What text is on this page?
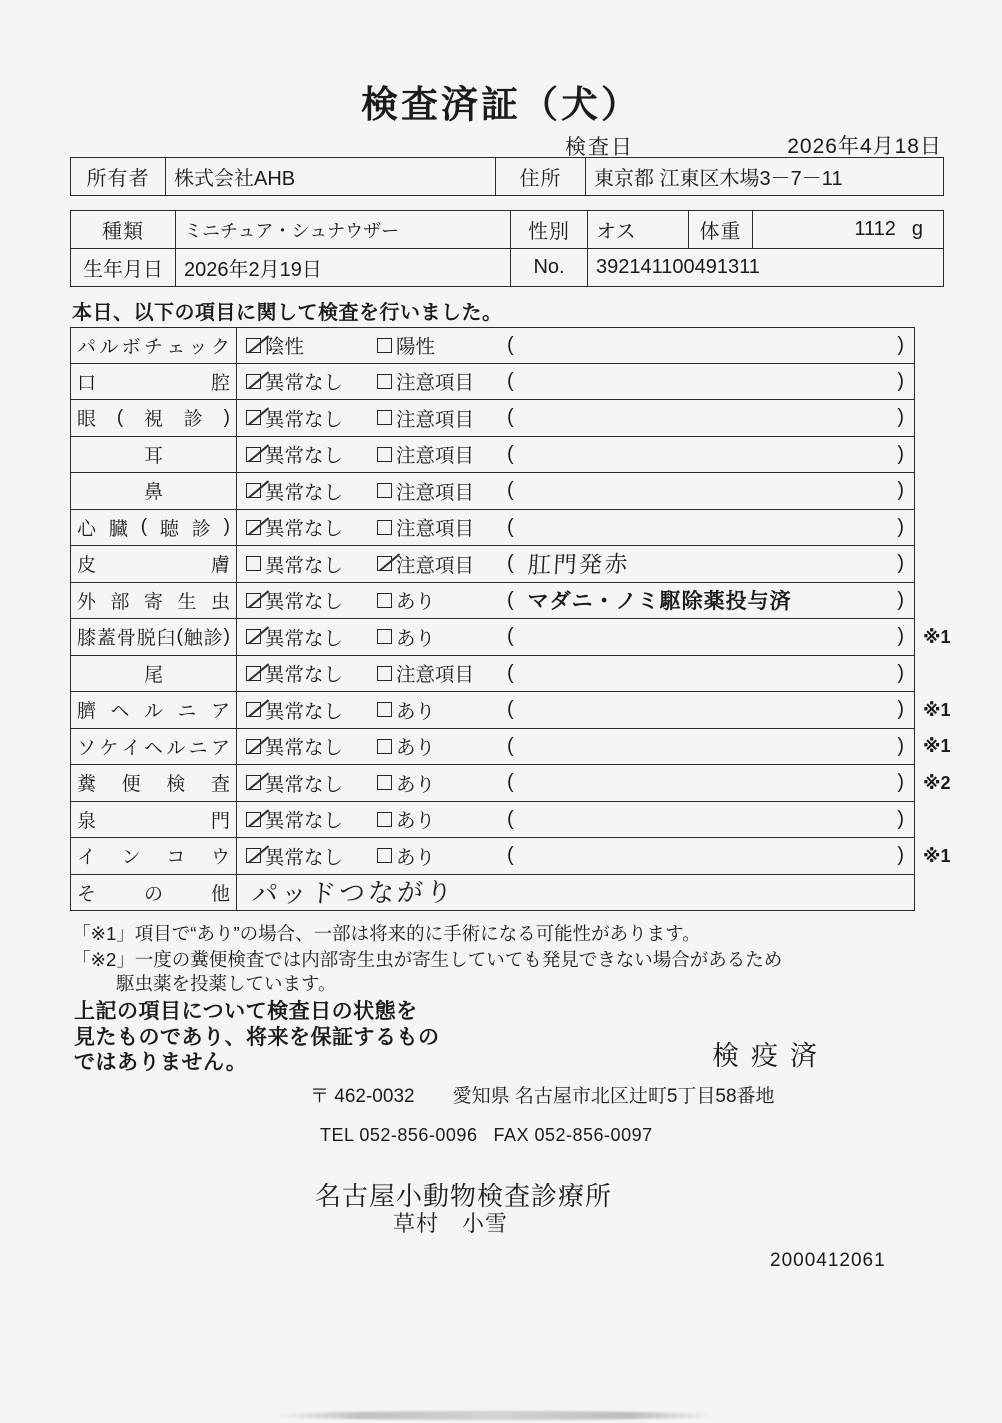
検査済証（犬）
検査日	2026年4月18日
所有者	株式会社AHB	住所	東京都 江東区木場3－7－11
種類	ミニチュア・シュナウザー	性別	オス	体重	1112 g

生年月日	2026年2月19日	No.	392141100491311		
本日、以下の項目に関して検査を行いました。
パ ル ボ チ ェ ッ ク 陰性	陽性	(	)
口	腔 異常なし	注意項目 (	)
眼 ( 視 診 ) 異常なし	注意項目 (	)
耳	異常なし	注意項目 (	)
鼻	異常なし	注意項目 (	)
心 臓 ( 聴 診 ) 異常なし	注意項目 (	)
皮	膚 異常なし	注意項目 ( 肛門発赤	)
外 部 寄 生 虫 異常なし	あり	( マダニ・ノミ駆除薬投与済	)
膝 蓋 骨 脱 臼 ( 触 診 ) 異常なし	あり	(	)	※1
尾	異常なし	注意項目 (	)
臍 ヘ ル ニ ア 異常なし	あり	(	)	※1
ソ ケ イ ヘ ル ニ ア 異常なし	あり	(	)	※1
糞 便 検 査 異常なし	あり	(	)	※2
泉	門 異常なし	あり	(	)
イ ン コ ウ 異常なし	あり	(	)	※1
そ	の	他 パッドつながり
「※1」項目で“あり”の場合、一部は将来的に手術になる可能性があります。
「※2」一度の糞便検査では内部寄生虫が寄生していても発見できない場合があるため
駆虫薬を投薬しています。
上記の項目について検査日の状態を
見たものであり、将来を保証するもの
ではありません。	検疫済
〒 462-0032 愛知県 名古屋市北区辻町5丁目58番地
TEL 052-856-0096 FAX 052-856-0097
名古屋小動物検査診療所
草村　小雪
2000412061
